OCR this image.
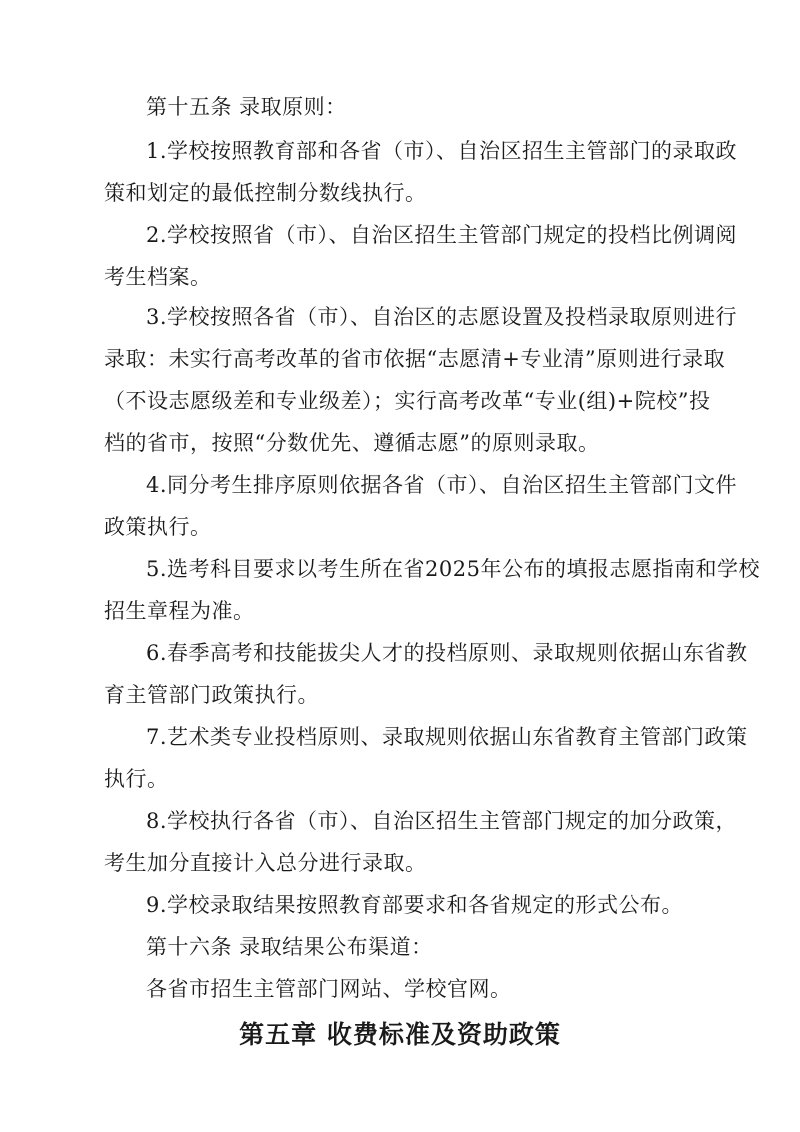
第十五条 录取原则：
1.学校按照教育部和各省（市）、自治区招生主管部门的录取政
策和划定的最低控制分数线执行。
2.学校按照省（市）、自治区招生主管部门规定的投档比例调阅
考生档案。
3.学校按照各省（市）、自治区的志愿设置及投档录取原则进行
录取：未实行高考改革的省市依据“志愿清+专业清”原则进行录取
（不设志愿级差和专业级差）；实行高考改革“专业(组)+院校”投
档的省市，按照“分数优先、遵循志愿”的原则录取。
4.同分考生排序原则依据各省（市）、自治区招生主管部门文件
政策执行。
5.选考科目要求以考生所在省2025年公布的填报志愿指南和学校
招生章程为准。
6.春季高考和技能拔尖人才的投档原则、录取规则依据山东省教
育主管部门政策执行。
7.艺术类专业投档原则、录取规则依据山东省教育主管部门政策
执行。
8.学校执行各省（市）、自治区招生主管部门规定的加分政策，
考生加分直接计入总分进行录取。
9.学校录取结果按照教育部要求和各省规定的形式公布。
第十六条 录取结果公布渠道：
各省市招生主管部门网站、学校官网。
第五章 收费标准及资助政策
